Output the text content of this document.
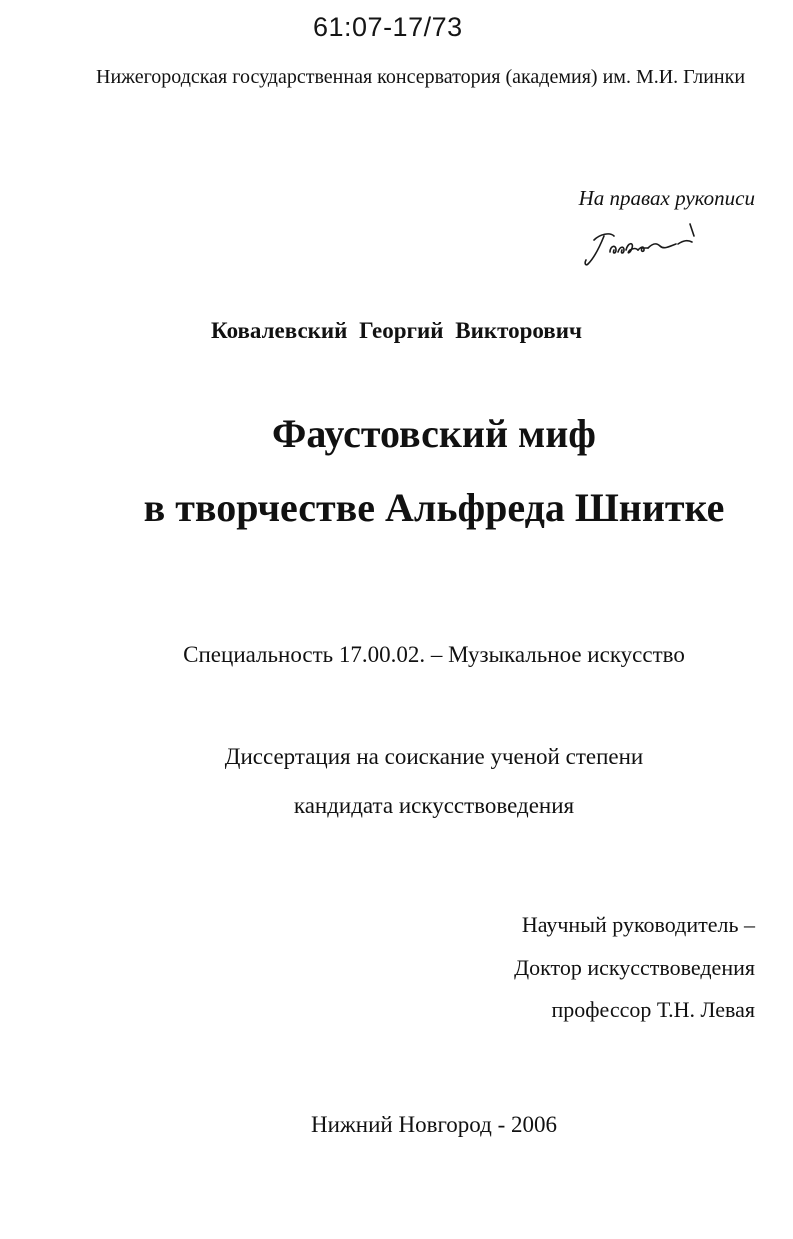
61:07-17/73
Нижегородская государственная консерватория (академия) им. М.И. Глинки
На правах рукописи
Ковалевский Георгий Викторович
Фаустовский миф
в творчестве Альфреда Шнитке
Специальность 17.00.02. – Музыкальное искусство
Диссертация на соискание ученой степени
кандидата искусствоведения
Научный руководитель –
Доктор искусствоведения
профессор Т.Н. Левая
Нижний Новгород - 2006
